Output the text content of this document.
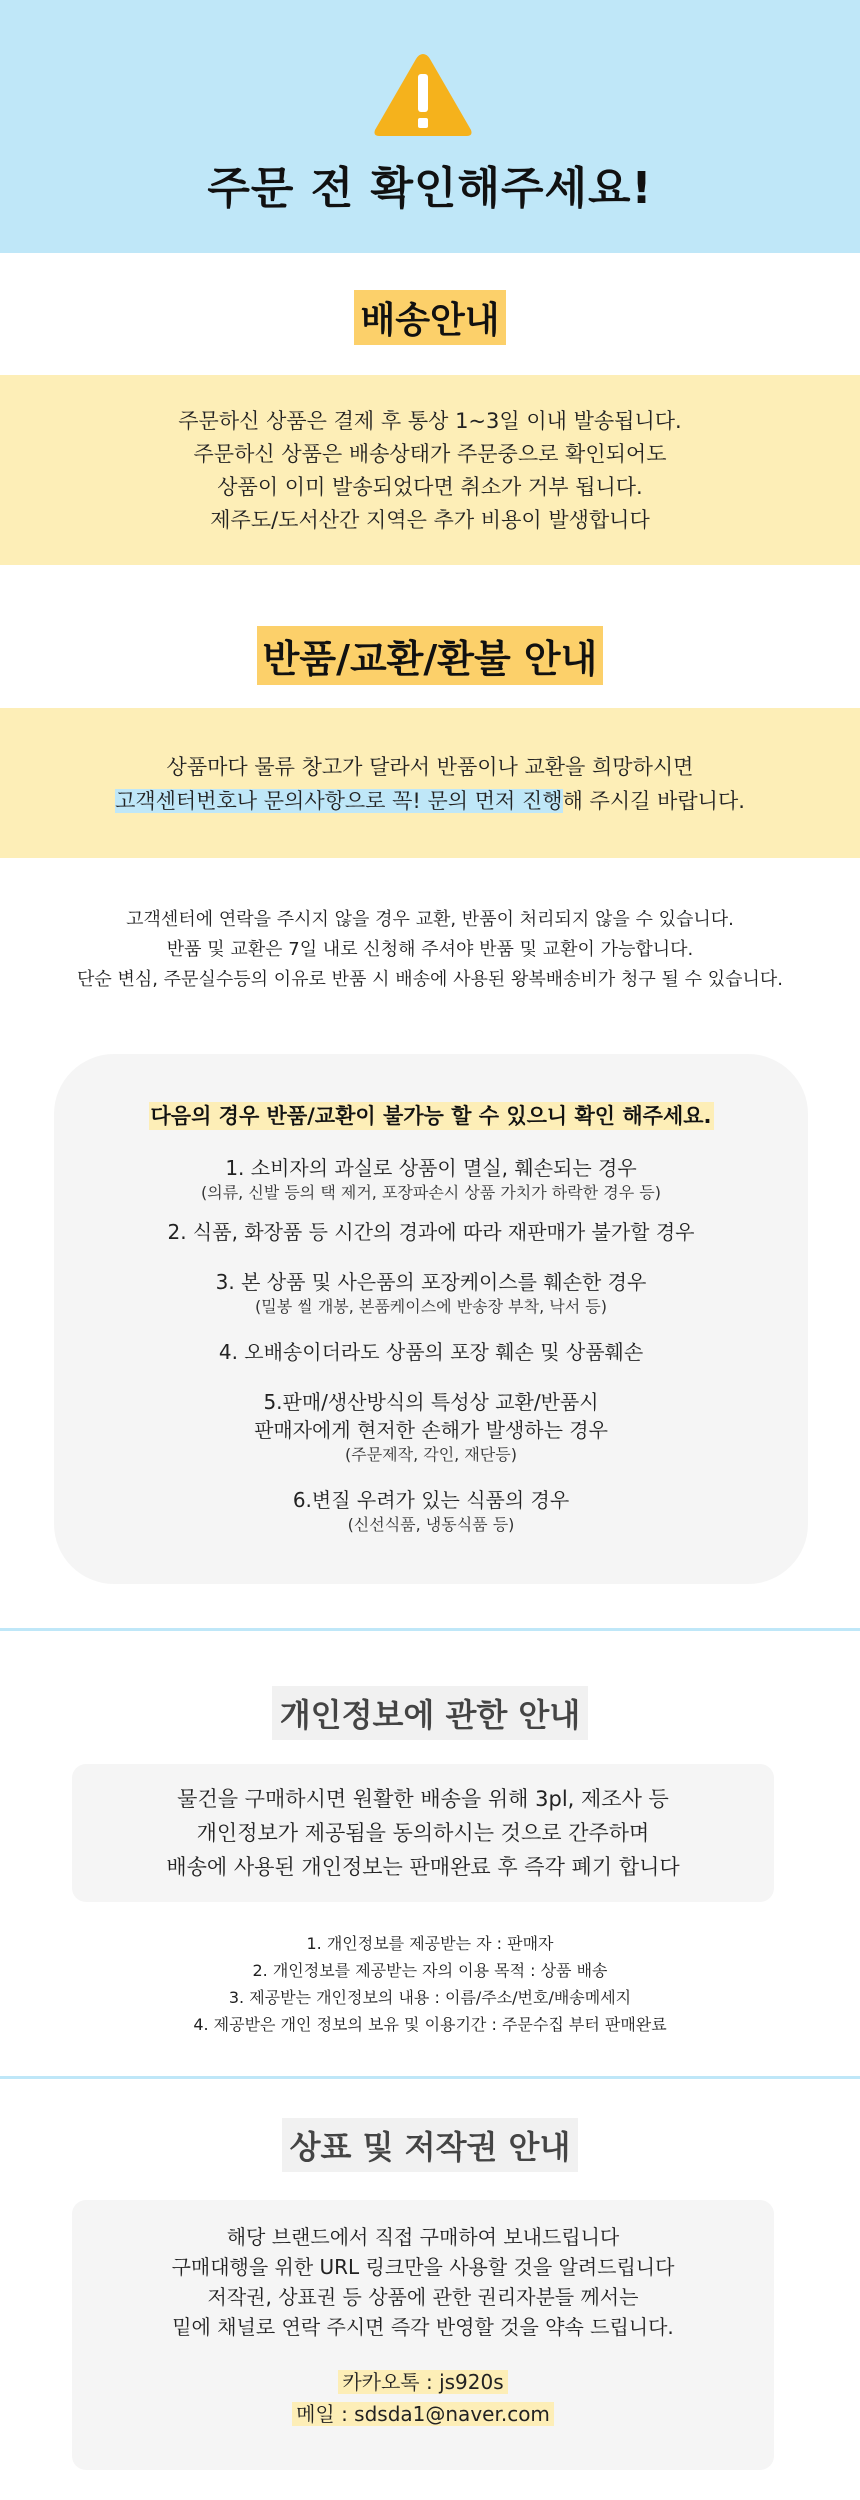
주문 전 확인해주세요!
배송안내

주문하신 상품은 결제 후 통상 1~3일 이내 발송됩니다.

주문하신 상품은 배송상태가 주문중으로 확인되어도

상품이 이미 발송되었다면 취소가 거부 됩니다.

제주도/도서산간 지역은 추가 비용이 발생합니다

반품/교환/환불 안내
상품마다 물류 창고가 달라서 반품이나 교환을 희망하시면
고객센터번호나 문의사항으로 꼭! 문의 먼저 진행해 주시길 바랍니다.

고객센터에 연락을 주시지 않을 경우 교환, 반품이 처리되지 않을 수 있습니다.

반품 및 교환은 7일 내로 신청해 주셔야 반품 및 교환이 가능합니다.

단순 변심, 주문실수등의 이유로 반품 시 배송에 사용된 왕복배송비가 청구 될 수 있습니다.

다음의 경우 반품/교환이 불가능 할 수 있으니 확인 해주세요.

1. 소비자의 과실로 상품이 멸실, 훼손되는 경우

(의류, 신발 등의 택 제거, 포장파손시 상품 가치가 하락한 경우 등)

2. 식품, 화장품 등 시간의 경과에 따라 재판매가 불가할 경우

3. 본 상품 및 사은품의 포장케이스를 훼손한 경우

(밀봉 씰 개봉, 본품케이스에 반송장 부착, 낙서 등)

4. 오배송이더라도 상품의 포장 훼손 및 상품훼손

5.판매/생산방식의 특성상 교환/반품시

판매자에게 현저한 손해가 발생하는 경우

(주문제작, 각인, 재단등)

6.변질 우려가 있는 식품의 경우

(신선식품, 냉동식품 등)

개인정보에 관한 안내

물건을 구매하시면 원활한 배송을 위해 3pl, 제조사 등

개인정보가 제공됨을 동의하시는 것으로 간주하며

배송에 사용된 개인정보는 판매완료 후 즉각 폐기 합니다

1. 개인정보를 제공받는 자 : 판매자

2. 개인정보를 제공받는 자의 이용 목적 : 상품 배송

3. 제공받는 개인정보의 내용 : 이름/주소/번호/배송메세지

4. 제공받은 개인 정보의 보유 및 이용기간 : 주문수집 부터 판매완료

상표 및 저작권 안내

해당 브랜드에서 직접 구매하여 보내드립니다

구매대행을 위한 URL 링크만을 사용할 것을 알려드립니다

저작권, 상표권 등 상품에 관한 권리자분들 께서는

밑에 채널로 연락 주시면 즉각 반영할 것을 약속 드립니다.

카카오톡 : js920s
메일 : sdsda1@naver.com
